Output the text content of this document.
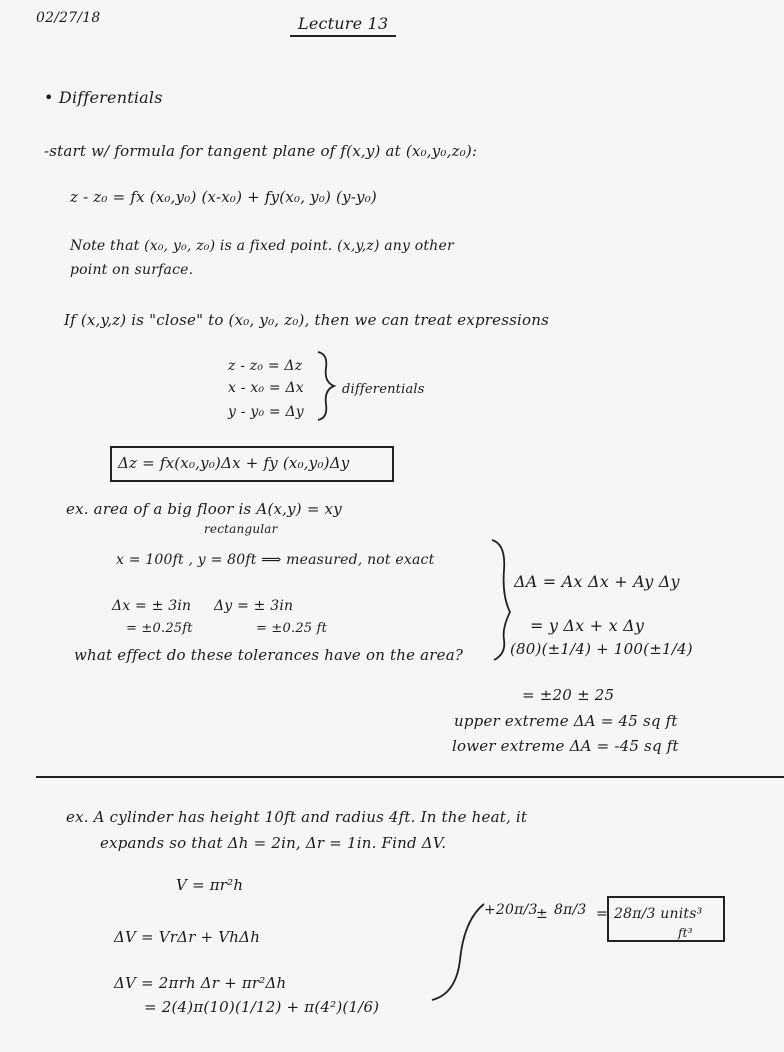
02/27/18	Lecture 13
• Differentials
-start w/ formula for tangent plane of f(x,y) at (x₀,y₀,z₀):
z - z₀ = fx (x₀,y₀) (x-x₀) + fy(x₀, y₀) (y-y₀)
Note that (x₀, y₀, z₀) is a fixed point. (x,y,z) any other
point on surface.
If (x,y,z) is "close" to (x₀, y₀, z₀), then we can treat expressions
z - z₀ = Δz
x - x₀ = Δx
y - y₀ = Δy
differentials
Δz = fx(x₀,y₀)Δx + fy (x₀,y₀)Δy
ex. area of a big floor is A(x,y) = xy
rectangular
x = 100ft , y = 80ft ⟹ measured, not exact
Δx = ± 3in Δy = ± 3in
= ±0.25ft	= ±0.25 ft
what effect do these tolerances have on the area?
ΔA = Ax Δx + Ay Δy
= y Δx + x Δy
(80)(±1/4) + 100(±1/4)
= ±20 ± 25
upper extreme ΔA = 45 sq ft
lower extreme ΔA = -45 sq ft
ex. A cylinder has height 10ft and radius 4ft. In the heat, it
expands so that Δh = 2in, Δr = 1in. Find ΔV.
V = πr²h
ΔV = VrΔr + VhΔh
ΔV = 2πrh Δr + πr²Δh
= 2(4)π(10)(1/12) + π(4²)(1/6)
+20π/3
± 8π/3 = 28π/3 units³
ft³
